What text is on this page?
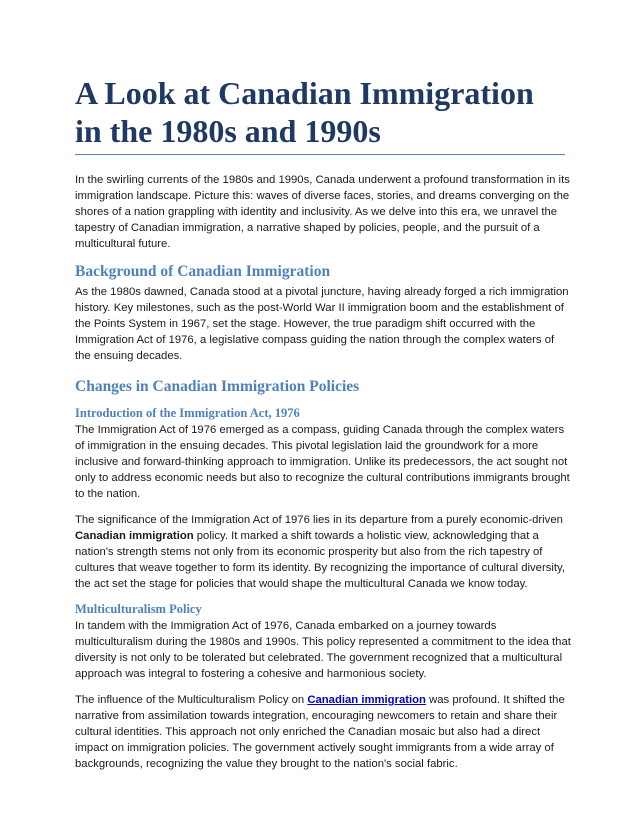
A Look at Canadian Immigration in the 1980s and 1990s

In the swirling currents of the 1980s and 1990s, Canada underwent a profound transformation in its immigration landscape. Picture this: waves of diverse faces, stories, and dreams converging on the shores of a nation grappling with identity and inclusivity. As we delve into this era, we unravel the tapestry of Canadian immigration, a narrative shaped by policies, people, and the pursuit of a multicultural future.

Background of Canadian Immigration

As the 1980s dawned, Canada stood at a pivotal juncture, having already forged a rich immigration history. Key milestones, such as the post-World War II immigration boom and the establishment of the Points System in 1967, set the stage. However, the true paradigm shift occurred with the Immigration Act of 1976, a legislative compass guiding the nation through the complex waters of the ensuing decades.

Changes in Canadian Immigration Policies
Introduction of the Immigration Act, 1976

The Immigration Act of 1976 emerged as a compass, guiding Canada through the complex waters of immigration in the ensuing decades. This pivotal legislation laid the groundwork for a more inclusive and forward-thinking approach to immigration. Unlike its predecessors, the act sought not only to address economic needs but also to recognize the cultural contributions immigrants brought to the nation.

The significance of the Immigration Act of 1976 lies in its departure from a purely economic-driven Canadian immigration policy. It marked a shift towards a holistic view, acknowledging that a nation's strength stems not only from its economic prosperity but also from the rich tapestry of cultures that weave together to form its identity. By recognizing the importance of cultural diversity, the act set the stage for policies that would shape the multicultural Canada we know today.

Multiculturalism Policy

In tandem with the Immigration Act of 1976, Canada embarked on a journey towards multiculturalism during the 1980s and 1990s. This policy represented a commitment to the idea that diversity is not only to be tolerated but celebrated. The government recognized that a multicultural approach was integral to fostering a cohesive and harmonious society.

The influence of the Multiculturalism Policy on Canadian immigration was profound. It shifted the narrative from assimilation towards integration, encouraging newcomers to retain and share their cultural identities. This approach not only enriched the Canadian mosaic but also had a direct impact on immigration policies. The government actively sought immigrants from a wide array of backgrounds, recognizing the value they brought to the nation's social fabric.
